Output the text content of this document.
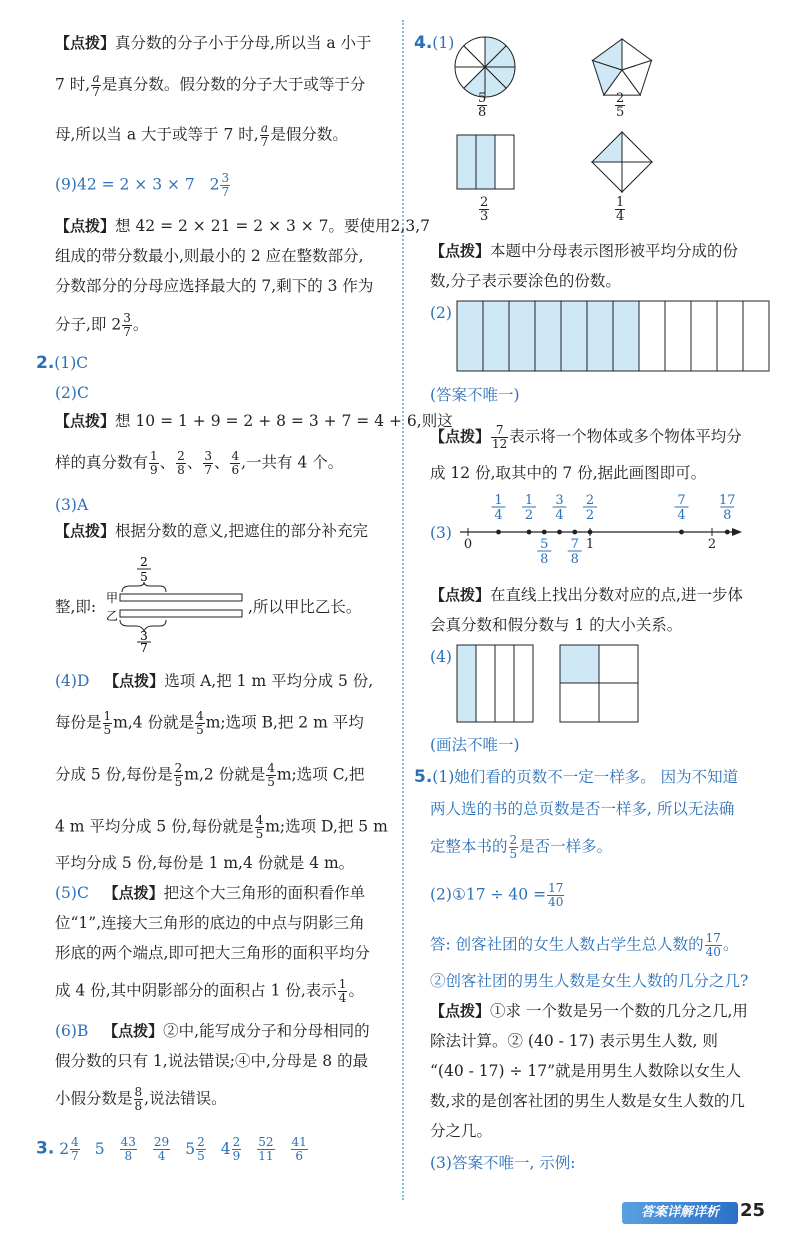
【点拨】真分数的分子小于分母,所以当 a 小于
7 时, $\frac{a}{7}$ 是真分数。假分数的分子大于或等于分
母,所以当 a 大于或等于 7 时, $\frac{a}{7}$ 是假分数。
(9)42 = 2 × 3 × 7 $2 \frac{3}{7}$
【点拨】想 42 = 2 × 21 = 2 × 3 × 7。要使用2,3,7
组成的带分数最小,则最小的 2 应在整数部分,
分数部分的分母应选择最大的 7,剩下的 3 作为
分子,即 $2 \frac{3}{7}$ 。
2.(1)C
(2)C
【点拨】想 10 = 1 + 9 = 2 + 8 = 3 + 7 = 4 + 6,则这
样的真分数有 $\frac{1}{9}$ 、 $\frac{2}{8}$ 、 $\frac{3}{7}$ 、 $\frac{4}{6}$ ,一共有 4 个。
(3)A
【点拨】根据分数的意义,把遮住的部分补充完
整,即:
2
5
甲
乙
3
7
,所以甲比乙长。
(4)D 【点拨】选项 A,把 1 m 平均分成 5 份,
每份是 $\frac{1}{5} m,4$ 份就是 $\frac{4}{5} m$;选项 B,把 2 m 平均
分成 5 份,每份是 $\frac{2}{5} m,2$ 份就是 $\frac{4}{5} m$;选项 C,把
4 m 平均分成 5 份,每份就是 $\frac{4}{5} m$;选项 D,把 5 m
平均分成 5 份,每份是 1 m,4 份就是 4 m。
(5)C 【点拨】把这个大三角形的面积看作单
位“1”,连接大三角形的底边的中点与阴影三角
形底的两个端点,即可把大三角形的面积平均分
成 4 份,其中阴影部分的面积占 1 份,表示 $\frac{1}{4}$ 。
(6)B 【点拨】②中,能写成分子和分母相同的
假分数的只有 1,说法错误;④中,分母是 8 的最
小假分数是 $\frac{8}{8}$ ,说法错误。
3. $2 \frac{4}{7} 5 \frac{43}{8} \frac{29}{4} 5 \frac{2}{5} 4 \frac{2}{9} \frac{52}{11} \frac{41}{6}$
4.(1)
$\frac{5}{8}$	$\frac{2}{5}$
$\frac{2}{3}$	$\frac{1}{4}$
【点拨】本题中分母表示图形被平均分成的份
数,分子表示要涂色的份数。
(2)
(答案不唯一)
【点拨】 $\frac{7}{12}$ 表示将一个物体或多个物体平均分
成 12 份,取其中的 7 份,据此画图即可。
(3)
1
4
1
2
3
4
2
2
7
4
17
8
5
8
7
8
0	1	2
【点拨】在直线上找出分数对应的点,进一步体
会真分数和假分数与 1 的大小关系。
(4)
(画法不唯一)
5.(1)她们看的页数不一定一样多。 因为不知道
两人选的书的总页数是否一样多, 所以无法确
定整本书的 $\frac{2}{5}$ 是否一样多。
(2)①17 ÷ $40 = \frac{17}{40}$
答: 创客社团的女生人数占学生总人数的 $\frac{17}{40}$ 。
②创客社团的男生人数是女生人数的几分之几?
【点拨】①求 一个数是另一个数的几分之几,用
除法计算。② (40 - 17) 表示男生人数, 则
“(40 - 17) ÷ 17”就是用男生人数除以女生人
数,求的是创客社团的男生人数是女生人数的几
分之几。
(3)答案不唯一, 示例:
答案详解详析	25
